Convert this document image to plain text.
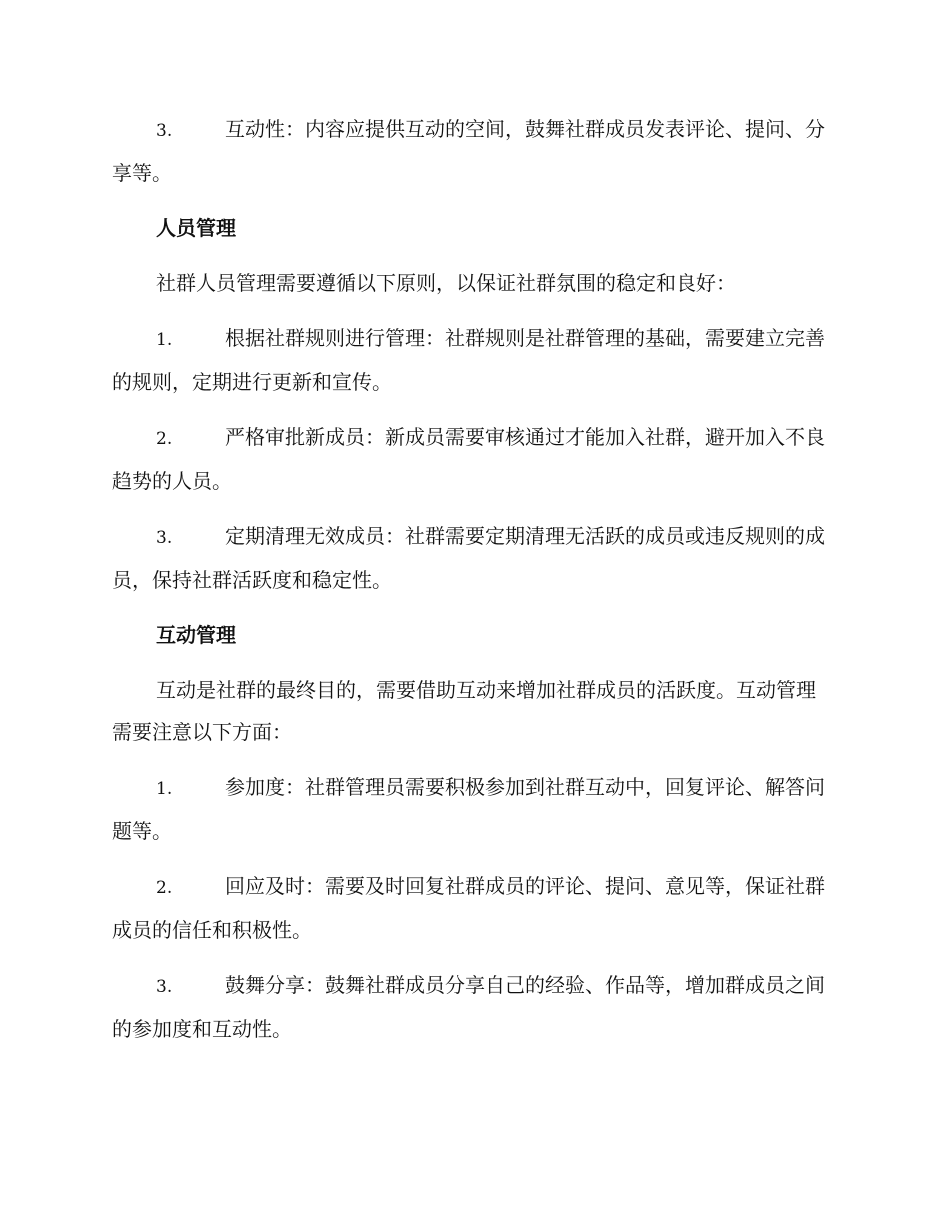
3.	互动性：内容应提供互动的空间，鼓舞社群成员发表评论、提问、分享等。

人员管理

社群人员管理需要遵循以下原则，以保证社群氛围的稳定和良好：

1.	根据社群规则进行管理：社群规则是社群管理的基础，需要建立完善的规则，定期进行更新和宣传。

2.	严格审批新成员：新成员需要审核通过才能加入社群，避开加入不良趋势的人员。

3.	定期清理无效成员：社群需要定期清理无活跃的成员或违反规则的成员，保持社群活跃度和稳定性。

互动管理

互动是社群的最终目的，需要借助互动来增加社群成员的活跃度。互动管理需要注意以下方面：

1.	参加度：社群管理员需要积极参加到社群互动中，回复评论、解答问题等。

2.	回应及时：需要及时回复社群成员的评论、提问、意见等，保证社群成员的信任和积极性。

3.	鼓舞分享：鼓舞社群成员分享自己的经验、作品等，增加群成员之间的参加度和互动性。
